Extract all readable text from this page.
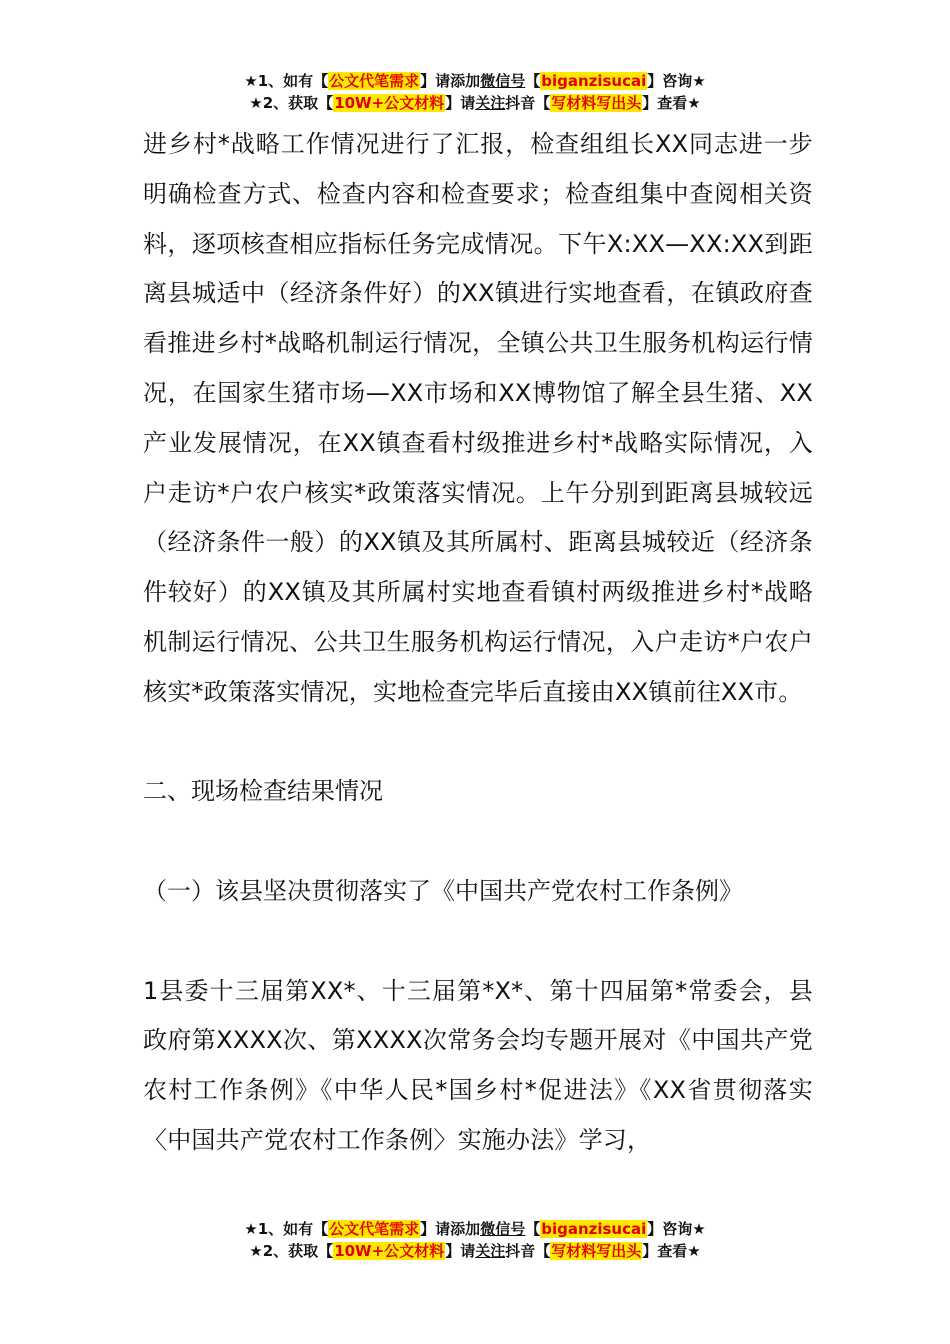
★1、如有【公文代笔需求】请添加微信号【biganzisucai】咨询★
★2、获取【10W+公文材料】请关注抖音【写材料写出头】查看★

进乡村*战略工作情况进行了汇报，检查组组长XX同志进一步明确检查方式、检查内容和检查要求；检查组集中查阅相关资料，逐项核查相应指标任务完成情况。下午X:XX—XX:XX到距离县城适中（经济条件好）的XX镇进行实地查看，在镇政府查看推进乡村*战略机制运行情况，全镇公共卫生服务机构运行情况，在国家生猪市场—XX市场和XX博物馆了解全县生猪、XX产业发展情况，在XX镇查看村级推进乡村*战略实际情况，入户走访*户农户核实*政策落实情况。上午分别到距离县城较远（经济条件一般）的XX镇及其所属村、距离县城较近（经济条件较好）的XX镇及其所属村实地查看镇村两级推进乡村*战略机制运行情况、公共卫生服务机构运行情况，入户走访*户农户核实*政策落实情况，实地检查完毕后直接由XX镇前往XX市。

二、现场检查结果情况

（一）该县坚决贯彻落实了《中国共产党农村工作条例》

1县委十三届第XX*、十三届第*X*、第十四届第*常委会，县政府第XXXX次、第XXXX次常务会均专题开展对《中国共产党农村工作条例》《中华人民*国乡村*促进法》《XX省贯彻落实〈中国共产党农村工作条例〉实施办法》学习，

★1、如有【公文代笔需求】请添加微信号【biganzisucai】咨询★
★2、获取【10W+公文材料】请关注抖音【写材料写出头】查看★
